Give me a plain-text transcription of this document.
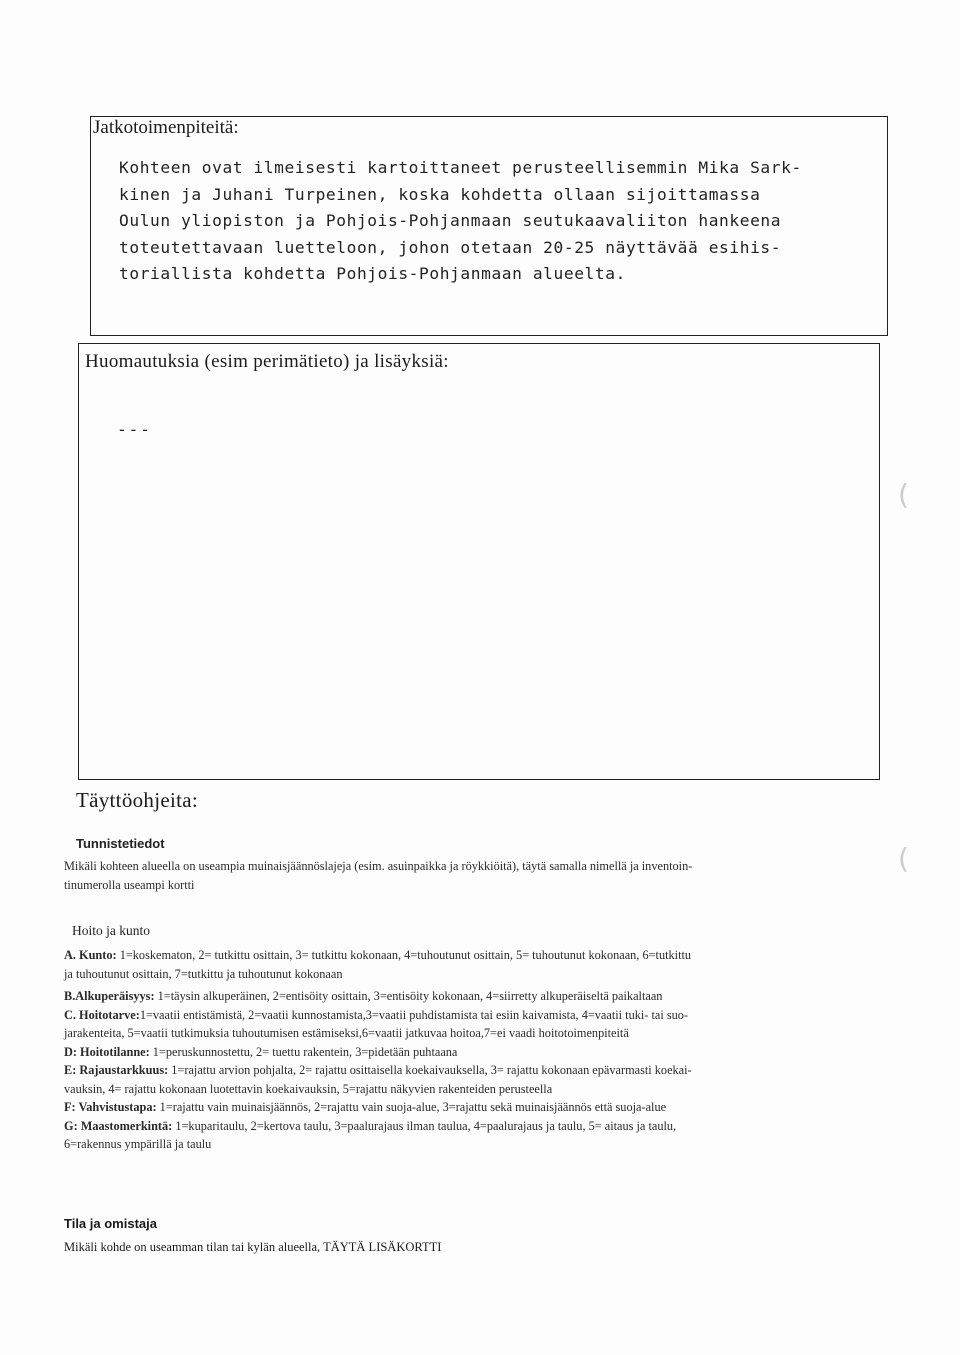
(
(
Jatkotoimenpiteitä:
Kohteen ovat ilmeisesti kartoittaneet perusteellisemmin Mika Sark-
kinen ja Juhani Turpeinen, koska kohdetta ollaan sijoittamassa
Oulun yliopiston ja Pohjois-Pohjanmaan seutukaavaliiton hankeena
toteutettavaan luetteloon, johon otetaan 20-25 näyttävää esihis-
toriallista kohdetta Pohjois-Pohjanmaan alueelta.
Huomautuksia (esim perimätieto) ja lisäyksiä:
---
Täyttöohjeita:
Tunnistetiedot
Mikäli kohteen alueella on useampia muinaisjäännöslajeja (esim. asuinpaikka ja röykkiöitä), täytä samalla nimellä ja inventoin-
tinumerolla useampi kortti
Hoito ja kunto
A. Kunto: 1=koskematon, 2= tutkittu osittain, 3= tutkittu kokonaan, 4=tuhoutunut osittain, 5= tuhoutunut kokonaan, 6=tutkittu
ja tuhoutunut osittain, 7=tutkittu ja tuhoutunut kokonaan
B.Alkuperäisyys: 1=täysin alkuperäinen, 2=entisöity osittain, 3=entisöity kokonaan, 4=siirretty alkuperäiseltä paikaltaan
C. Hoitotarve:1=vaatii entistämistä, 2=vaatii kunnostamista,3=vaatii puhdistamista tai esiin kaivamista, 4=vaatii tuki- tai suo-
jarakenteita, 5=vaatii tutkimuksia tuhoutumisen estämiseksi,6=vaatii jatkuvaa hoitoa,7=ei vaadi hoitotoimenpiteitä
D: Hoitotilanne: 1=peruskunnostettu, 2= tuettu rakentein, 3=pidetään puhtaana
E: Rajaustarkkuus: 1=rajattu arvion pohjalta, 2= rajattu osittaisella koekaivauksella, 3= rajattu kokonaan epävarmasti koekai-
vauksin, 4= rajattu kokonaan luotettavin koekaivauksin, 5=rajattu näkyvien rakenteiden perusteella
F: Vahvistustapa: 1=rajattu vain muinaisjäännös, 2=rajattu vain suoja-alue, 3=rajattu sekä muinaisjäännös että suoja-alue
G: Maastomerkintä: 1=kuparitaulu, 2=kertova taulu, 3=paalurajaus ilman taulua, 4=paalurajaus ja taulu, 5= aitaus ja taulu,
6=rakennus ympärillä ja taulu
Tila ja omistaja
Mikäli kohde on useamman tilan tai kylän alueella, TÄYTÄ LISÄKORTTI
